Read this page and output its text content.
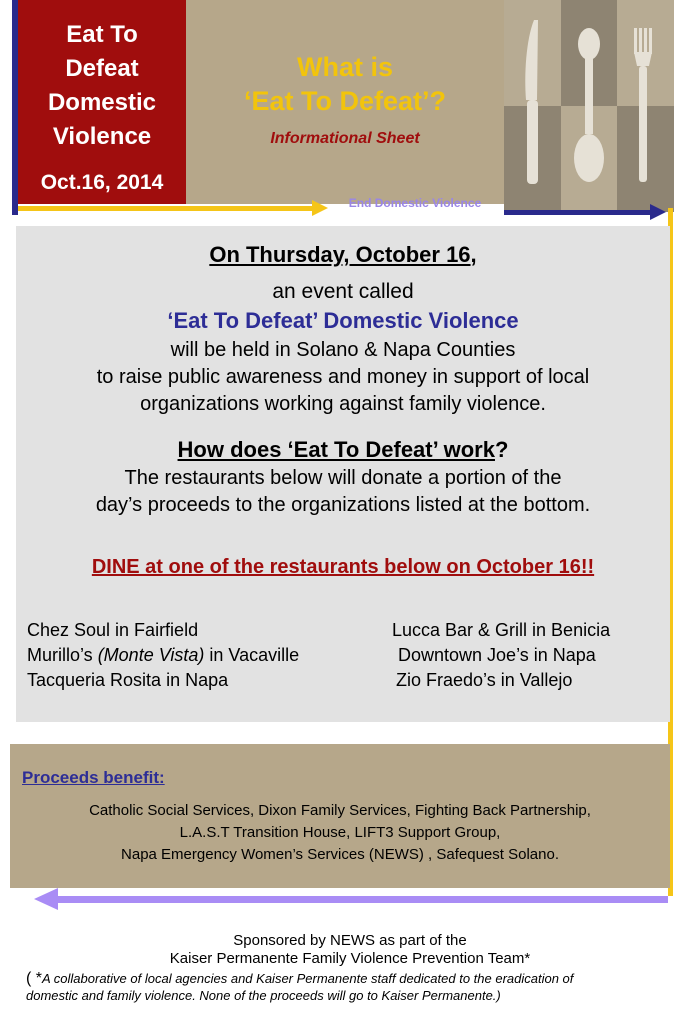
Eat To
Defeat
Domestic
Violence
Oct.16, 2014
What is
‘Eat To Defeat’?
Informational Sheet
End Domestic Violence
On Thursday, October 16,
an event called
‘Eat To Defeat’ Domestic Violence
will be held in Solano & Napa Counties
to raise public awareness and money in support of local
organizations working against family violence.
How does ‘Eat To Defeat’ work?
The restaurants below will donate a portion of the
day’s proceeds to the organizations listed at the bottom.
DINE at one of the restaurants below on October 16!!
Chez Soul in Fairfield
Murillo’s (Monte Vista) in Vacaville
Tacqueria Rosita in Napa
Lucca Bar & Grill in Benicia
Downtown Joe’s in Napa
Zio Fraedo’s in Vallejo
Proceeds benefit:
Catholic Social Services, Dixon Family Services, Fighting Back Partnership,
L.A.S.T Transition House, LIFT3 Support Group,
Napa Emergency Women’s Services (NEWS) , Safequest Solano.
Sponsored by NEWS as part of the
Kaiser Permanente Family Violence Prevention Team*
( *A collaborative of local agencies and Kaiser Permanente staff dedicated to the eradication of
domestic and family violence. None of the proceeds will go to Kaiser Permanente.)
